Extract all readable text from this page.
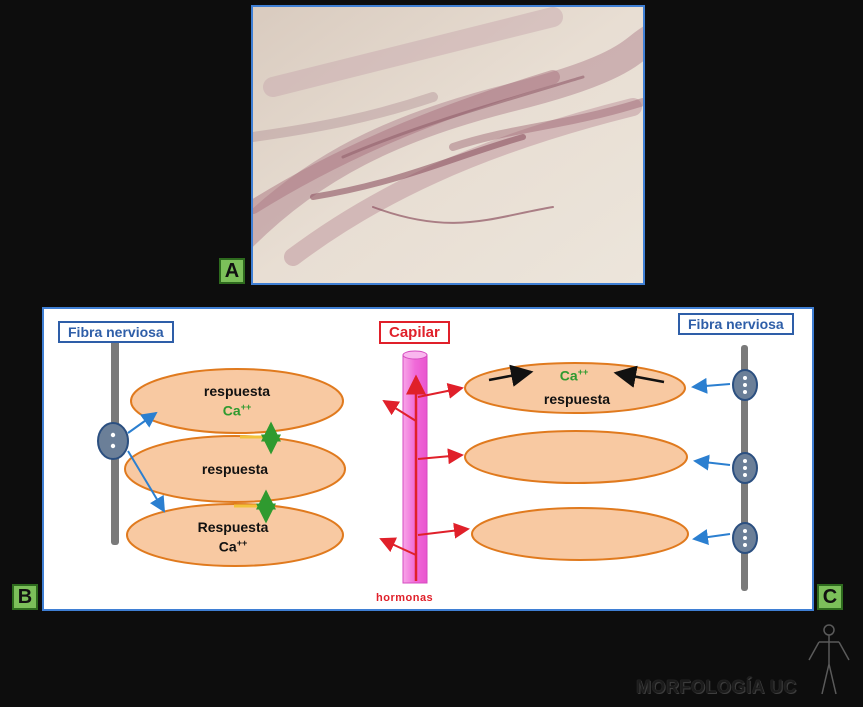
A
Fibra nerviosa	Fibra nerviosa
Capilar
hormonas
respuesta
Ca++
respuesta
Respuesta
Ca++
Ca++
respuesta
B	C
MORFOLOGÍA UC
